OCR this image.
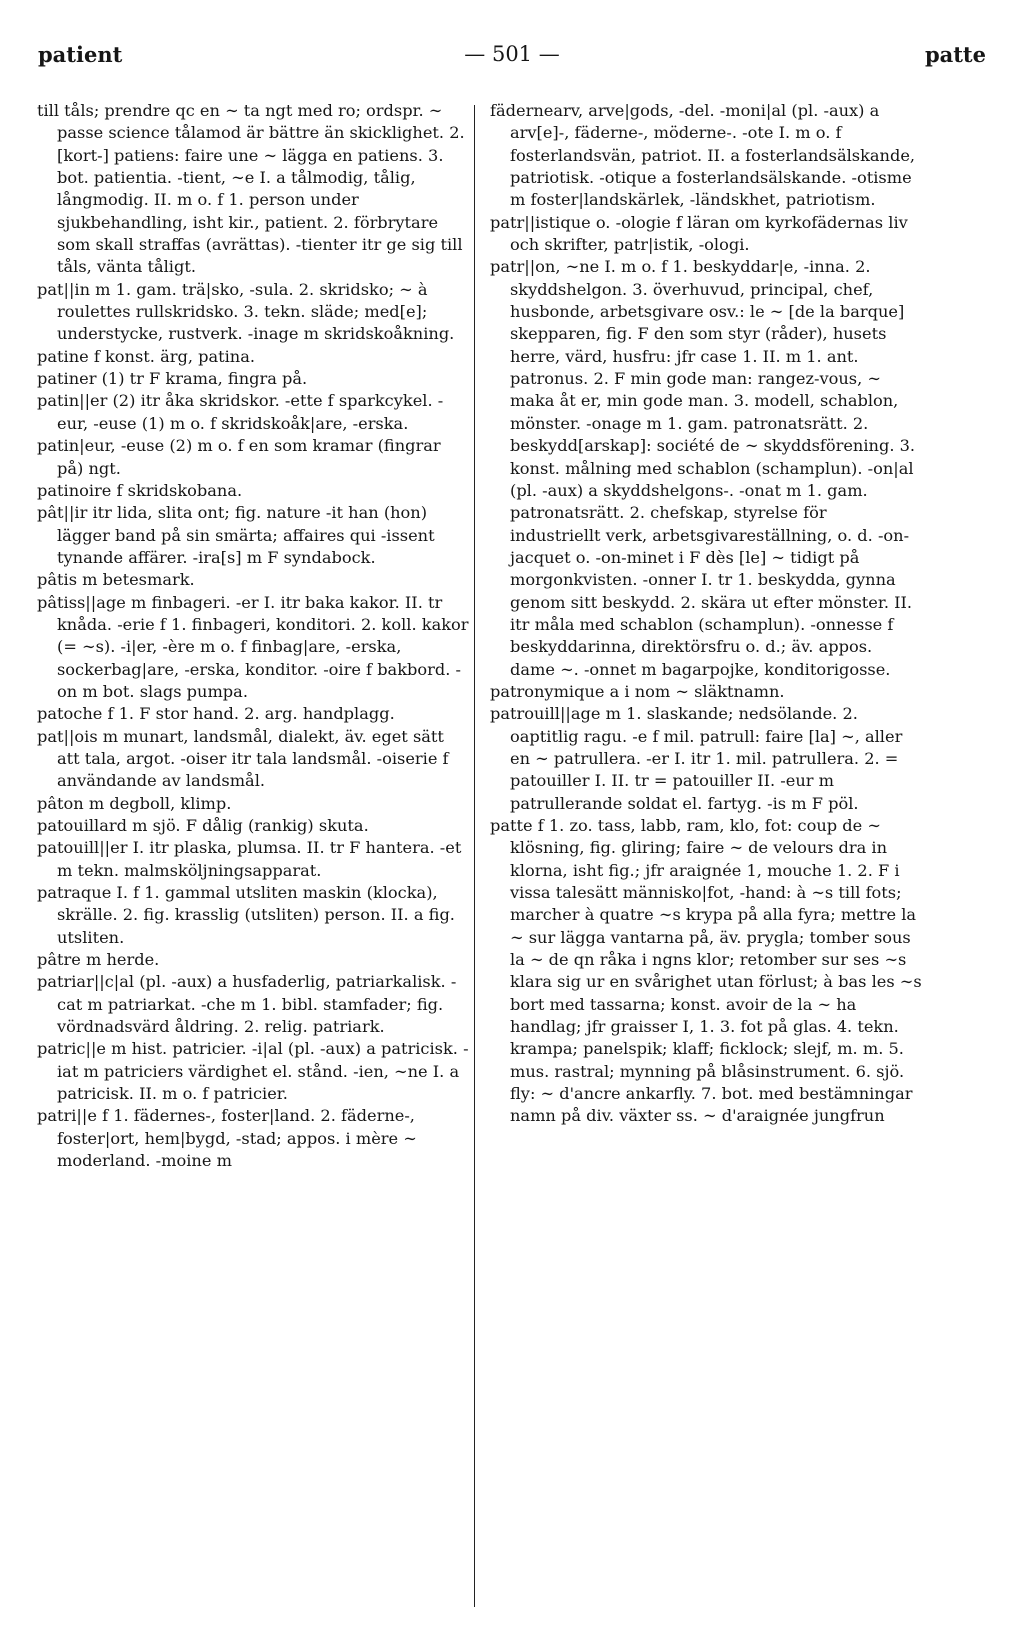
patient	— 501 —	patte
till tåls; prendre qc en ∼ ta ngt med ro; ordspr. ∼ passe science tålamod är bättre än skicklighet. 2. [kort-] patiens: faire une ∼ lägga en patiens. 3. bot. patientia. -tient, ∼e I. a tålmodig, tålig, långmodig. II. m o. f 1. person under sjukbehandling, isht kir., patient. 2. förbrytare som skall straffas (avrättas). -tienter itr ge sig till tåls, vänta tåligt.
pat||in m 1. gam. trä|sko, -sula. 2. skridsko; ∼ à roulettes rullskridsko. 3. tekn. släde; med[e]; understycke, rustverk. -inage m skridskoåkning.
patine f konst. ärg, patina.
patiner (1) tr F krama, fingra på.
patin||er (2) itr åka skridskor. -ette f sparkcykel. -eur, -euse (1) m o. f skridskoåk|are, -erska.
patin|eur, -euse (2) m o. f en som kramar (fingrar på) ngt.
patinoire f skridskobana.
pât||ir itr lida, slita ont; fig. nature -it han (hon) lägger band på sin smärta; affaires qui -issent tynande affärer. -ira[s] m F syndabock.
pâtis m betesmark.
pâtiss||age m finbageri. -er I. itr baka kakor. II. tr knåda. -erie f 1. finbageri, konditori. 2. koll. kakor (= ∼s). -i|er, -ère m o. f finbag|are, -erska, sockerbag|are, -erska, konditor. -oire f bakbord. -on m bot. slags pumpa.
patoche f 1. F stor hand. 2. arg. handplagg.
pat||ois m munart, landsmål, dialekt, äv. eget sätt att tala, argot. -oiser itr tala landsmål. -oiserie f användande av landsmål.
pâton m degboll, klimp.
patouillard m sjö. F dålig (rankig) skuta.
patouill||er I. itr plaska, plumsa. II. tr F hantera. -et m tekn. malmsköljningsapparat.
patraque I. f 1. gammal utsliten maskin (klocka), skrälle. 2. fig. krasslig (utsliten) person. II. a fig. utsliten.
pâtre m herde.
patriar||c|al (pl. -aux) a husfaderlig, patriarkalisk. -cat m patriarkat. -che m 1. bibl. stamfader; fig. vördnadsvärd åldring. 2. relig. patriark.
patric||e m hist. patricier. -i|al (pl. -aux) a patricisk. -iat m patriciers värdighet el. stånd. -ien, ∼ne I. a patricisk. II. m o. f patricier.
patri||e f 1. fädernes-, foster|land. 2. fäderne-, foster|ort, hem|bygd, -stad; appos. i mère ∼ moderland. -moine m
fädernearv, arve|gods, -del. -moni|al (pl. -aux) a arv[e]-, fäderne-, möderne-. -ote I. m o. f fosterlandsvän, patriot. II. a fosterlandsälskande, patriotisk. -otique a fosterlandsälskande. -otisme m foster|landskärlek, -ländskhet, patriotism.
patr||istique o. -ologie f läran om kyrkofädernas liv och skrifter, patr|istik, -ologi.
patr||on, ∼ne I. m o. f 1. beskyddar|e, -inna. 2. skyddshelgon. 3. överhuvud, principal, chef, husbonde, arbetsgivare osv.: le ∼ [de la barque] skepparen, fig. F den som styr (råder), husets herre, värd, husfru: jfr case 1. II. m 1. ant. patronus. 2. F min gode man: rangez-vous, ∼ maka åt er, min gode man. 3. modell, schablon, mönster. -onage m 1. gam. patronatsrätt. 2. beskydd[arskap]: société de ∼ skyddsförening. 3. konst. målning med schablon (schamplun). -on|al (pl. -aux) a skyddshelgons-. -onat m 1. gam. patronatsrätt. 2. chefskap, styrelse för industriellt verk, arbetsgivareställning, o. d. -on-jacquet o. -on-minet i F dès [le] ∼ tidigt på morgonkvisten. -onner I. tr 1. beskydda, gynna genom sitt beskydd. 2. skära ut efter mönster. II. itr måla med schablon (schamplun). -onnesse f beskyddarinna, direktörsfru o. d.; äv. appos. dame ∼. -onnet m bagarpojke, konditorigosse.
patronymique a i nom ∼ släktnamn.
patrouill||age m 1. slaskande; nedsölande. 2. oaptitlig ragu. -e f mil. patrull: faire [la] ∼, aller en ∼ patrullera. -er I. itr 1. mil. patrullera. 2. = patouiller I. II. tr = patouiller II. -eur m patrullerande soldat el. fartyg. -is m F pöl.
patte f 1. zo. tass, labb, ram, klo, fot: coup de ∼ klösning, fig. gliring; faire ∼ de velours dra in klorna, isht fig.; jfr araignée 1, mouche 1. 2. F i vissa talesätt människo|fot, -hand: à ∼s till fots; marcher à quatre ∼s krypa på alla fyra; mettre la ∼ sur lägga vantarna på, äv. prygla; tomber sous la ∼ de qn råka i ngns klor; retomber sur ses ∼s klara sig ur en svårighet utan förlust; à bas les ∼s bort med tassarna; konst. avoir de la ∼ ha handlag; jfr graisser I, 1. 3. fot på glas. 4. tekn. krampa; panelspik; klaff; ficklock; slejf, m. m. 5. mus. rastral; mynning på blåsinstrument. 6. sjö. fly: ∼ d'ancre ankarfly. 7. bot. med bestämningar namn på div. växter ss. ∼ d'araignée jungfrun
